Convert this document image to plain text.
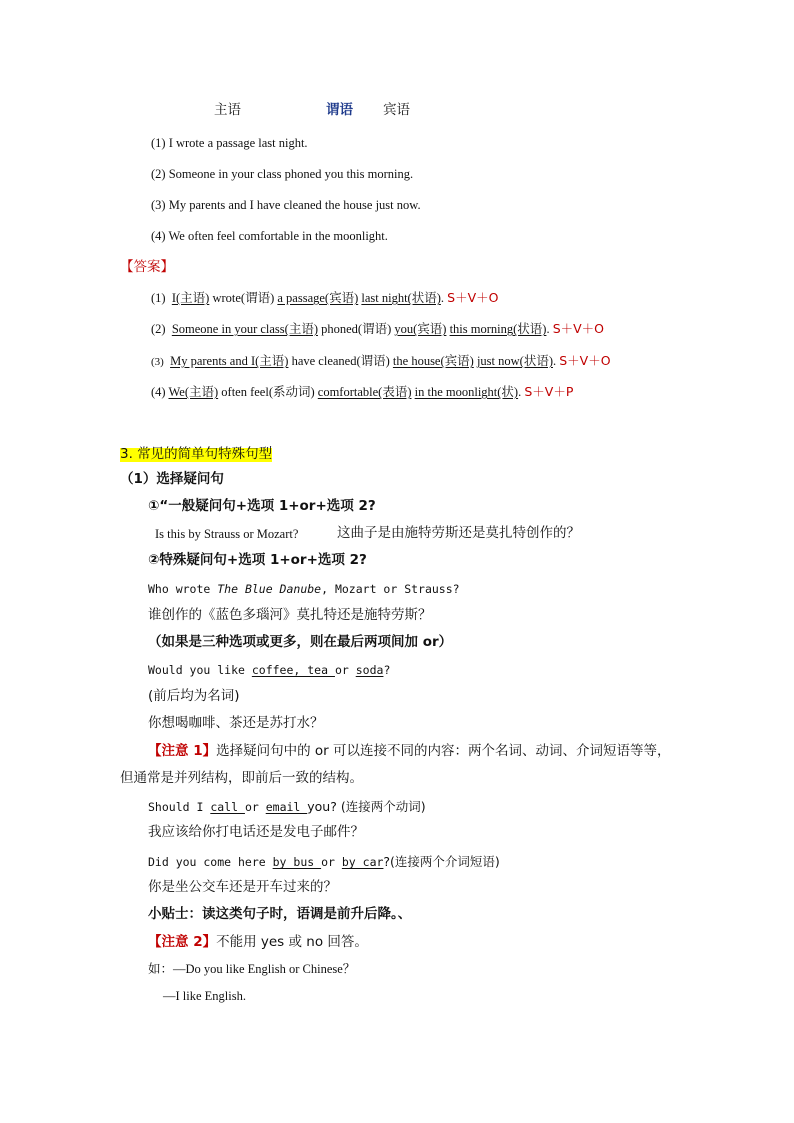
主语	谓语 宾语
(1) I wrote a passage last night.
(2) Someone in your class phoned you this morning.
(3) My parents and I have cleaned the house just now.
(4) We often feel comfortable in the moonlight.
【答案】
(1) I(主语) wrote(谓语) a passage(宾语) last night(状语). S＋V＋O
(2) Someone in your class(主语) phoned(谓语) you(宾语) this morning(状语). S＋V＋O
(3) My parents and I(主语) have cleaned(谓语) the house(宾语) just now(状语). S＋V＋O
(4) We(主语) often feel(系动词) comfortable(表语) in the moonlight(状). S＋V＋P
3. 常见的简单句特殊句型
（1）选择疑问句
①“一般疑问句+选项 1+or+选项 2?
Is this by Strauss or Mozart?	这曲子是由施特劳斯还是莫扎特创作的？
②特殊疑问句+选项 1+or+选项 2?
Who wrote The Blue Danube, Mozart or Strauss?
谁创作的《蓝色多瑙河》莫扎特还是施特劳斯？
（如果是三种选项或更多，则在最后两项间加 or）
Would you like coffee, tea or soda?
(前后均为名词)
你想喝咖啡、茶还是苏打水？
【注意 1】选择疑问句中的 or 可以连接不同的内容：两个名词、动词、介词短语等等，
但通常是并列结构，即前后一致的结构。
Should I call or email you? (连接两个动词)
我应该给你打电话还是发电子邮件？
Did you come here by bus or by car?(连接两个介词短语)
你是坐公交车还是开车过来的？
小贴士：读这类句子时，语调是前升后降。、
【注意 2】不能用 yes 或 no 回答。
如：—Do you like English or Chinese？
—I like English.
